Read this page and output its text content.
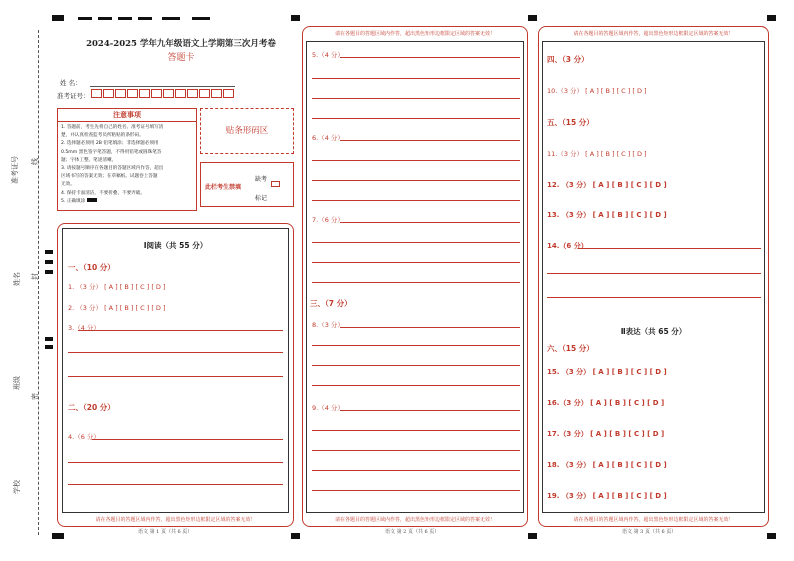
准考证号 线
姓名 封
班级
密
学校
2024-2025 学年九年级语文上学期第三次月考卷
答题卡
姓 名：
准考证号：
注意事项
1. 答题前，考生先将自己的姓名、准考证号填写清
楚，并认真检查监考员所粘贴的条形码。
2. 选择题必须用 2B 铅笔填涂；非选择题必须用
0.5mm 黑色签字笔答题，不得用铅笔或圆珠笔答
题；字体工整、笔迹清晰。
3. 请按题号顺序在各题目的答题区域内作答，超出
区域书写的答案无效；在草稿纸、试题卷上答题
无效。
4. 保持卡面清洁，不要折叠、不要弄破。
5. 正确填涂
贴条形码区
此栏考生禁填
缺考
标记
Ⅰ阅读（共 55 分）
一、（10 分）
1. （3 分） [ A ] [ B ] [ C ] [ D ]
2. （3 分） [ A ] [ B ] [ C ] [ D ]
3.（4 分）
二、（20 分）
4.（6 分）
请在各题目的答题区域内作答，超出黑色矩形边框限定区域的答案无效！
语文 第 1 页（共 6 页）
请在各题目的答题区域内作答，超出黑色矩形边框限定区域的答案无效！
5.（4 分）
6.（4 分）
7.（6 分）
三、（7 分）
8.（3 分）
9.（4 分）
请在各题目的答题区域内作答，超出黑色矩形边框限定区域的答案无效！
语文 第 2 页（共 6 页）
请在各题目的答题区域内作答，超出黑色矩形边框限定区域的答案无效！
四、（3 分）
10.（3 分） [ A ] [ B ] [ C ] [ D ]
五、（15 分）
11.（3 分） [ A ] [ B ] [ C ] [ D ]
12. （3 分） [ A ] [ B ] [ C ] [ D ]
13. （3 分） [ A ] [ B ] [ C ] [ D ]
14.（6 分）
Ⅱ表达（共 65 分）
六、（15 分）
15. （3 分） [ A ] [ B ] [ C ] [ D ]
16.（3 分） [ A ] [ B ] [ C ] [ D ]
17.（3 分） [ A ] [ B ] [ C ] [ D ]
18. （3 分） [ A ] [ B ] [ C ] [ D ]
19. （3 分） [ A ] [ B ] [ C ] [ D ]
请在各题目的答题区域内作答，超出黑色矩形边框限定区域的答案无效！
语文 第 3 页（共 6 页）
